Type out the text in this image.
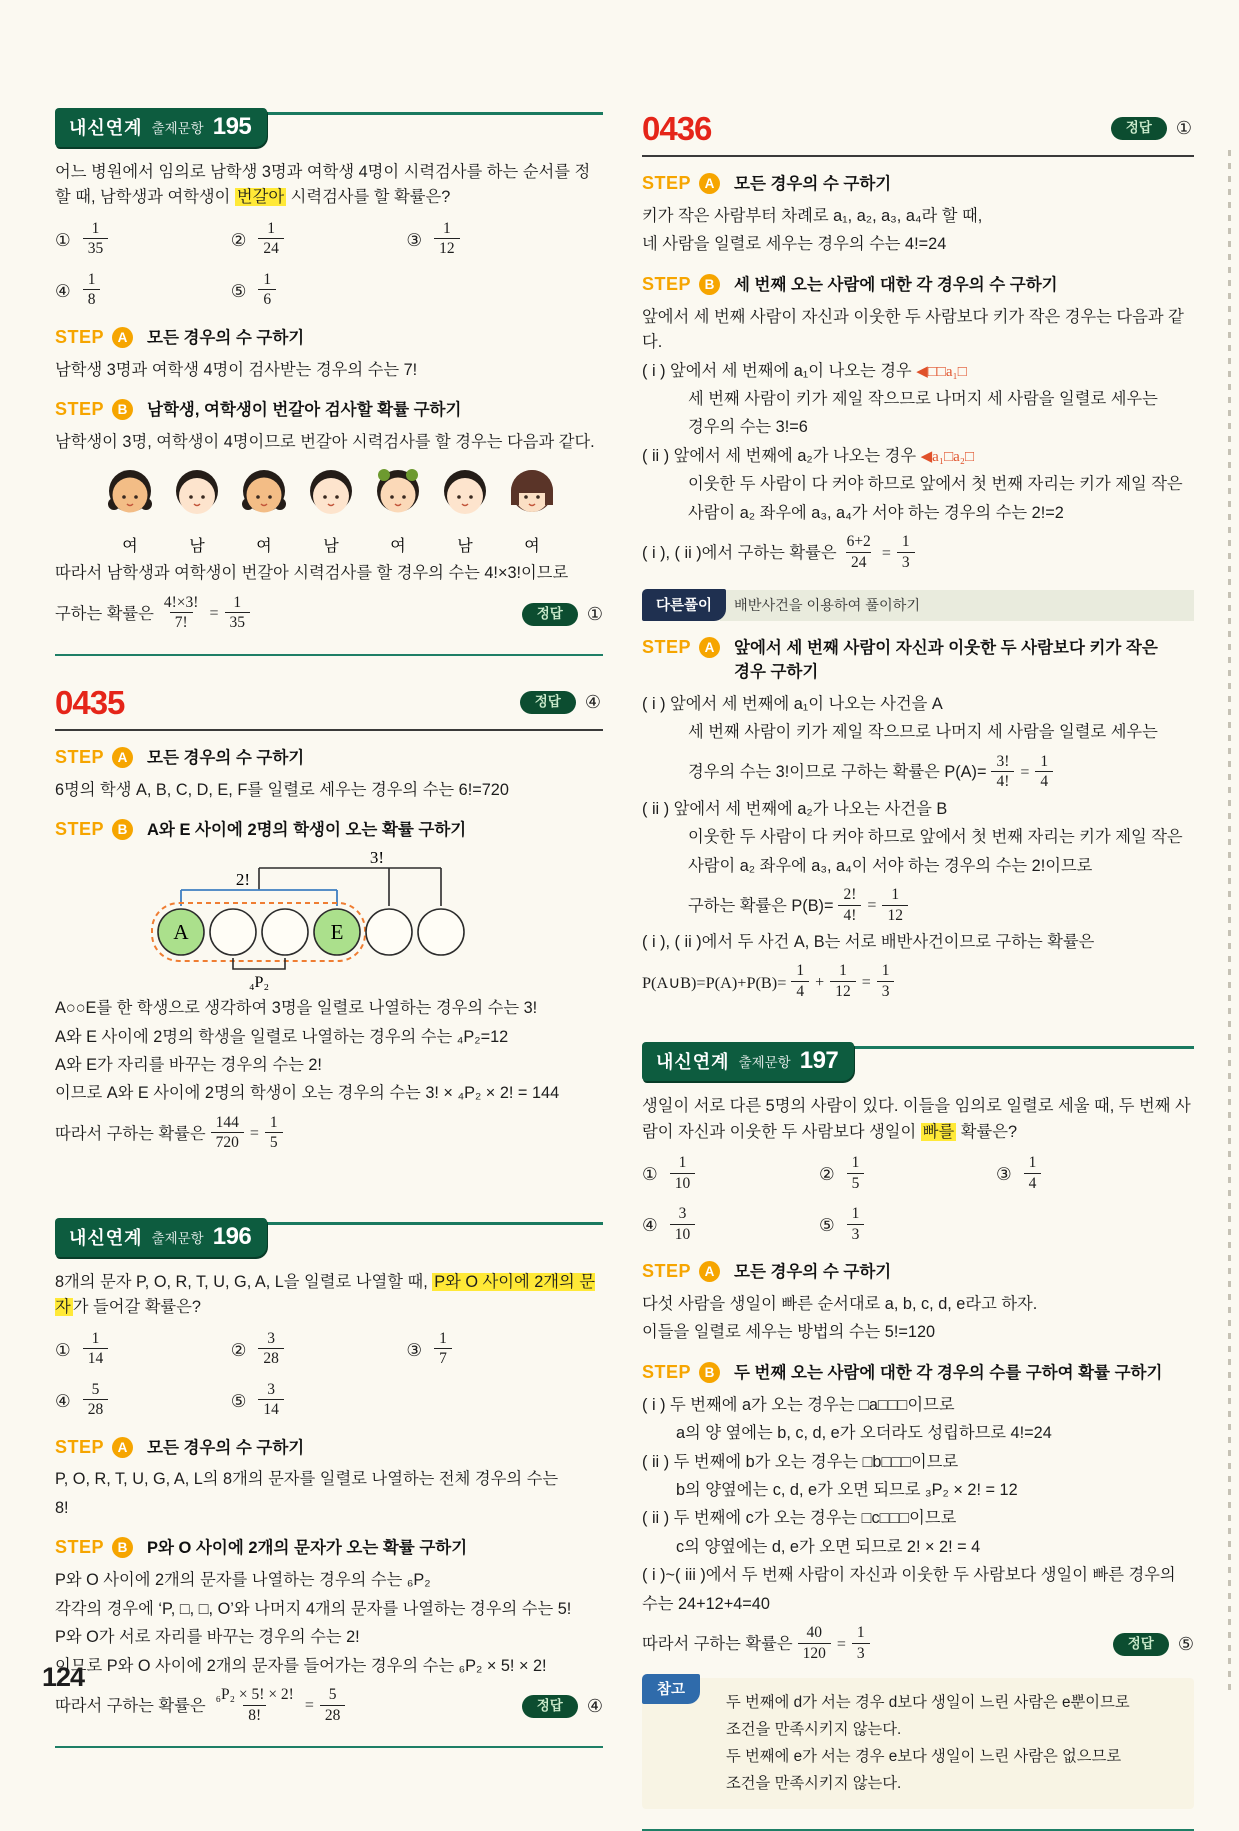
내신연계 출제문항 195

어느 병원에서 임의로 남학생 3명과 여학생 4명이 시력검사를 하는 순서를 정할 때, 남학생과 여학생이 번갈아 시력검사를 할 확률은?

① $\frac{1}{35}$	② $\frac{1}{24}$	③ $\frac{1}{12}$
④ $\frac{1}{8}$	⑤ $\frac{1}{6}$
STEP	A	모든 경우의 수 구하기

남학생 3명과 여학생 4명이 검사받는 경우의 수는 7!

STEP	B	남학생, 여학생이 번갈아 검사할 확률 구하기

남학생이 3명, 여학생이 4명이므로 번갈아 시력검사를 할 경우는 다음과 같다.

여	남	여	남	여	남	여

따라서 남학생과 여학생이 번갈아 시력검사를 할 경우의 수는 4!×3!이므로

구하는 확률은 $\frac{4!\times 3!}{7!} = \frac{1}{35}$	정답	①
0435	정답	④
STEP	A	모든 경우의 수 구하기

6명의 학생 A, B, C, D, E, F를 일렬로 세우는 경우의 수는 6!=720

STEP	B	A와 E 사이에 2명의 학생이 오는 확률 구하기
3!
2!
A	E
₄P₂

A○○E를 한 학생으로 생각하여 3명을 일렬로 나열하는 경우의 수는 3!

A와 E 사이에 2명의 학생을 일렬로 나열하는 경우의 수는 ₄P₂=12

A와 E가 자리를 바꾸는 경우의 수는 2!

이므로 A와 E 사이에 2명의 학생이 오는 경우의 수는 3! × ₄P₂ × 2! = 144

따라서 구하는 확률은 $\frac{144}{720} = \frac{1}{5}$
내신연계 출제문항 196

8개의 문자 P, O, R, T, U, G, A, L을 일렬로 나열할 때, P와 O 사이에 2개의 문자 가 들어갈 확률은?

① $\frac{1}{14}$	② $\frac{3}{28}$	③ $\frac{1}{7}$
④ $\frac{5}{28}$	⑤ $\frac{3}{14}$
STEP	A	모든 경우의 수 구하기

P, O, R, T, U, G, A, L의 8개의 문자를 일렬로 나열하는 전체 경우의 수는

8!

STEP	B	P와 O 사이에 2개의 문자가 오는 확률 구하기

P와 O 사이에 2개의 문자를 나열하는 경우의 수는 ₆P₂

각각의 경우에 ‘P, □, □, O’와 나머지 4개의 문자를 나열하는 경우의 수는 5!

P와 O가 서로 자리를 바꾸는 경우의 수는 2!

이므로 P와 O 사이에 2개의 문자를 들어가는 경우의 수는 ₆P₂ × 5! × 2!

따라서 구하는 확률은 $\frac{\text{₆P₂ × 5! × 2!}}{8!} = \frac{5}{28}$	정답	④
0436	정답	①
STEP	A	모든 경우의 수 구하기

키가 작은 사람부터 차례로 a₁, a₂, a₃, a₄라 할 때,

네 사람을 일렬로 세우는 경우의 수는 4!=24

STEP	B	세 번째 오는 사람에 대한 각 경우의 수 구하기

앞에서 세 번째 사람이 자신과 이웃한 두 사람보다 키가 작은 경우는 다음과 같다.

( i ) 앞에서 세 번째에 a₁이 나오는 경우 ◀□□a₁□

세 번째 사람이 키가 제일 작으므로 나머지 세 사람을 일렬로 세우는

경우의 수는 3!=6

( ii ) 앞에서 세 번째에 a₂가 나오는 경우 ◀a₁□a₂□

이웃한 두 사람이 다 커야 하므로 앞에서 첫 번째 자리는 키가 제일 작은

사람이 a₂ 좌우에 a₃, a₄가 서야 하는 경우의 수는 2!=2

( i ), ( ii )에서 구하는 확률은 $\frac{6+2}{24} = \frac{1}{3}$
다른풀이	배반사건을 이용하여 풀이하기
STEP	A	앞에서 세 번째 사람이 자신과 이웃한 두 사람보다 키가 작은 경우 구하기

( i ) 앞에서 세 번째에 a₁이 나오는 사건을 A

세 번째 사람이 키가 제일 작으므로 나머지 세 사람을 일렬로 세우는

경우의 수는 3!이므로 구하는 확률은 $P(A)= \frac{3!}{4!} = \frac{1}{4}$

( ii ) 앞에서 세 번째에 a₂가 나오는 사건을 B

이웃한 두 사람이 다 커야 하므로 앞에서 첫 번째 자리는 키가 제일 작은

사람이 a₂ 좌우에 a₃, a₄이 서야 하는 경우의 수는 2!이므로

구하는 확률은 $P(B)= \frac{2!}{4!} = \frac{1}{12}$

( i ), ( ii )에서 두 사건 A, B는 서로 배반사건이므로 구하는 확률은

P(A∪B)=P(A)+P(B)= $\frac{1}{4} + \frac{1}{12} = \frac{1}{3}$
내신연계 출제문항 197

생일이 서로 다른 5명의 사람이 있다. 이들을 임의로 일렬로 세울 때, 두 번째 사람이 자신과 이웃한 두 사람보다 생일이 빠를 확률은?

① $\frac{1}{10}$	② $\frac{1}{5}$	③ $\frac{1}{4}$
④ $\frac{3}{10}$	⑤ $\frac{1}{3}$
STEP	A	모든 경우의 수 구하기

다섯 사람을 생일이 빠른 순서대로 a, b, c, d, e라고 하자.

이들을 일렬로 세우는 방법의 수는 5!=120

STEP	B	두 번째 오는 사람에 대한 각 경우의 수를 구하여 확률 구하기

( i ) 두 번째에 a가 오는 경우는 □a□□□이므로

a의 양 옆에는 b, c, d, e가 오더라도 성립하므로 4!=24

( ii ) 두 번째에 b가 오는 경우는 □b□□□이므로

b의 양옆에는 c, d, e가 오면 되므로 ₃P₂ × 2! = 12

( ii ) 두 번째에 c가 오는 경우는 □c□□□이므로

c의 양옆에는 d, e가 오면 되므로 2! × 2! = 4

( i )~( iii )에서 두 번째 사람이 자신과 이웃한 두 사람보다 생일이 빠른 경우의

수는 24+12+4=40

따라서 구하는 확률은 $\frac{40}{120} = \frac{1}{3}$	정답	⑤
참고

두 번째에 d가 서는 경우 d보다 생일이 느린 사람은 e뿐이므로

조건을 만족시키지 않는다.

두 번째에 e가 서는 경우 e보다 생일이 느린 사람은 없으므로

조건을 만족시키지 않는다.

124
